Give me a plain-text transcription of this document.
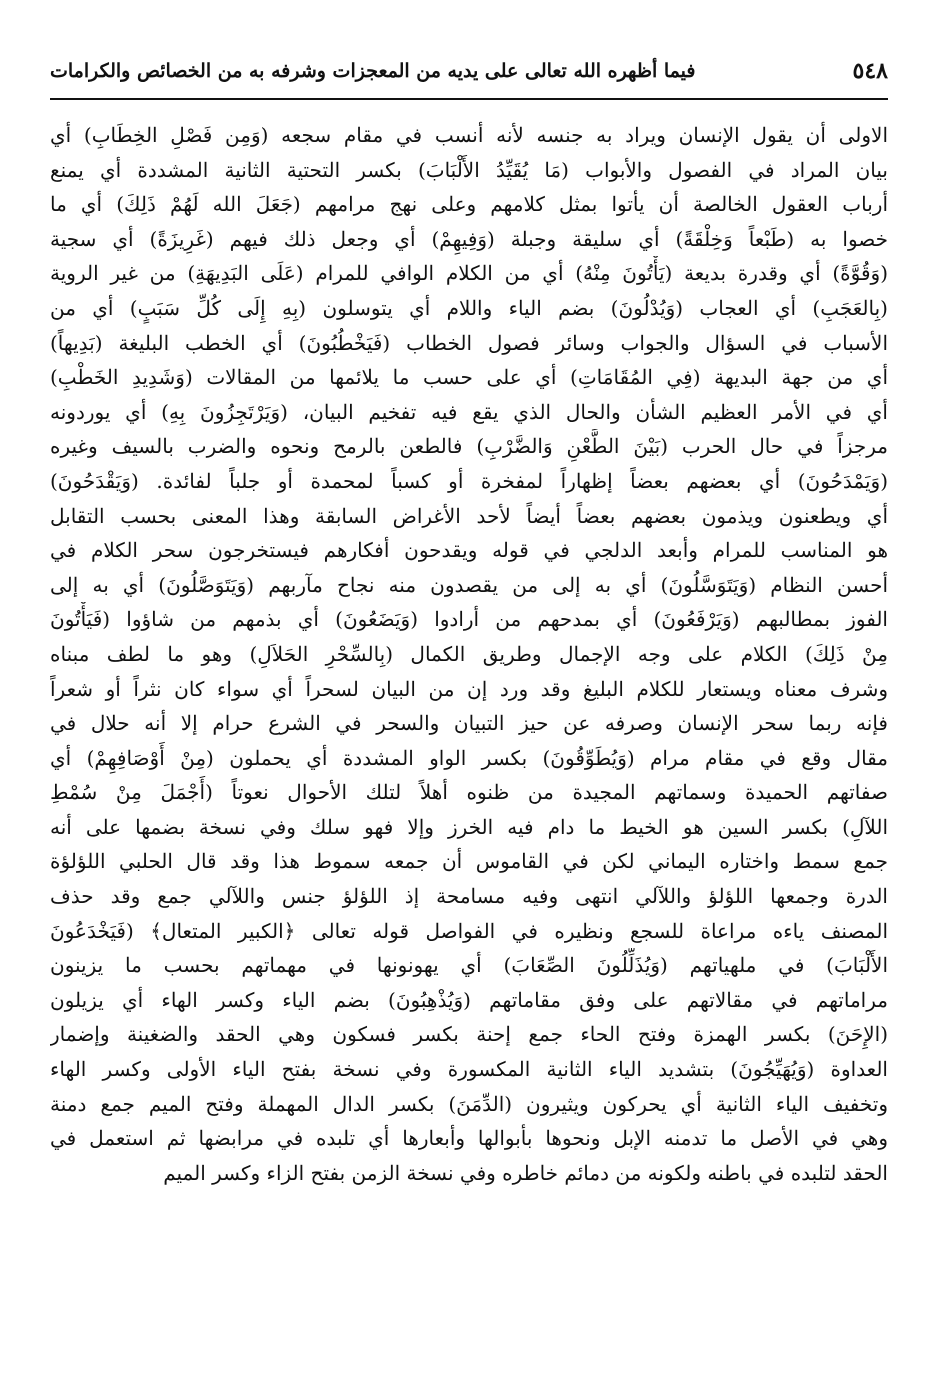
٥٤٨
فيما أظهره الله تعالى على يديه من المعجزات وشرفه به من الخصائص والكرامات
الاولى أن يقول الإنسان ويراد به جنسه لأنه أنسب في مقام سجعه (وَمِن فَصْلِ الخِطَابِ) أي
بيان المراد في الفصول والأبواب (مَا يُقَيِّدُ الأَلْبَابَ) بكسر التحتية الثانية المشددة أي يمنع
أرباب العقول الخالصة أن يأتوا بمثل كلامهم وعلى نهج مرامهم (جَعَلَ الله لَهُمْ ذَلِكَ) أي ما
خصوا به (طَبْعاً وَخِلْقَةً) أي سليقة وجبلة (وَفِيهِمْ) أي وجعل ذلك فيهم (غَرِيزَةً) أي سجية
(وَقُوَّةً) أي وقدرة بديعة (يَأْتُونَ مِنْهُ) أي من الكلام الوافي للمرام (عَلَى البَدِيهَةِ) من غير الروية
(بِالعَجَبِ) أي العجاب (وَيُدْلُونَ) بضم الياء واللام أي يتوسلون (بِهِ إِلَى كُلِّ سَبَبٍ) أي من
الأسباب في السؤال والجواب وسائر فصول الخطاب (فَيَخْطُبُونَ) أي الخطب البليغة (بَدِيهاً)
أي من جهة البديهة (فِي المُقَامَاتِ) أي على حسب ما يلائمها من المقالات (وَشَدِيدِ الخَطْبِ)
أي في الأمر العظيم الشأن والحال الذي يقع فيه تفخيم البيان، (وَيَرْتَجِزُونَ بِهِ) أي يوردونه
مرجزاً في حال الحرب (بَيْنَ الطَّعْنِ وَالضَّرْبِ) فالطعن بالرمح ونحوه والضرب بالسيف وغيره
(وَيَمْدَحُونَ) أي بعضهم بعضاً إظهاراً لمفخرة أو كسباً لمحمدة أو جلباً لفائدة. (وَيَقْدَحُونَ)
أي ويطعنون ويذمون بعضهم بعضاً أيضاً لأحد الأغراض السابقة وهذا المعنى بحسب التقابل
هو المناسب للمرام وأبعد الدلجي في قوله ويقدحون أفكارهم فيستخرجون سحر الكلام في
أحسن النظام (وَيَتَوَسَّلُونَ) أي به إلى من يقصدون منه نجاح مآربهم (وَيَتَوَصَّلُونَ) أي به إلى
الفوز بمطالبهم (وَيَرْفَعُونَ) أي بمدحهم من أرادوا (وَيَضَعُونَ) أي بذمهم من شاؤوا (فَيَأْتُونَ
مِنْ ذَلِكَ) الكلام على وجه الإجمال وطريق الكمال (بِالسِّحْرِ الحَلاَلِ) وهو ما لطف مبناه
وشرف معناه ويستعار للكلام البليغ وقد ورد إن من البيان لسحراً أي سواء كان نثراً أو شعراً
فإنه ربما سحر الإنسان وصرفه عن حيز التبيان والسحر في الشرع حرام إلا أنه حلال في
مقال وقع في مقام مرام (وَيُطَوِّقُونَ) بكسر الواو المشددة أي يحملون (مِنْ أَوْصَافِهِمْ) أي
صفاتهم الحميدة وسماتهم المجيدة من ظنوه أهلاً لتلك الأحوال نعوتاً (أَجْمَلَ مِنْ سُمْطِ
اللآلِ) بكسر السين هو الخيط ما دام فيه الخرز وإلا فهو سلك وفي نسخة بضمها على أنه
جمع سمط واختاره اليماني لكن في القاموس أن جمعه سموط هذا وقد قال الحلبي اللؤلؤة
الدرة وجمعها اللؤلؤ واللآلي انتهى وفيه مسامحة إذ اللؤلؤ جنس واللآلي جمع وقد حذف
المصنف ياءه مراعاة للسجع ونظيره في الفواصل قوله تعالى ﴿الكبير المتعال﴾ (فَيَخْدَعُونَ
الأَلْبَابَ) في ملهياتهم (وَيُذَلِّلُونَ الصِّعَابَ) أي يهونونها في مهماتهم بحسب ما يزينون
مراماتهم في مقالاتهم على وفق مقاماتهم (وَيُذْهِبُونَ) بضم الياء وكسر الهاء أي يزيلون
(الإِحَنَ) بكسر الهمزة وفتح الحاء جمع إحنة بكسر فسكون وهي الحقد والضغينة وإضمار
العداوة (وَيُهَيِّجُونَ) بتشديد الياء الثانية المكسورة وفي نسخة بفتح الياء الأولى وكسر الهاء
وتخفيف الياء الثانية أي يحركون ويثيرون (الدِّمَنَ) بكسر الدال المهملة وفتح الميم جمع دمنة
وهي في الأصل ما تدمنه الإبل ونحوها بأبوالها وأبعارها أي تلبده في مرابضها ثم استعمل في
الحقد لتلبده في باطنه ولكونه من دمائم خاطره وفي نسخة الزمن بفتح الزاء وكسر الميم
